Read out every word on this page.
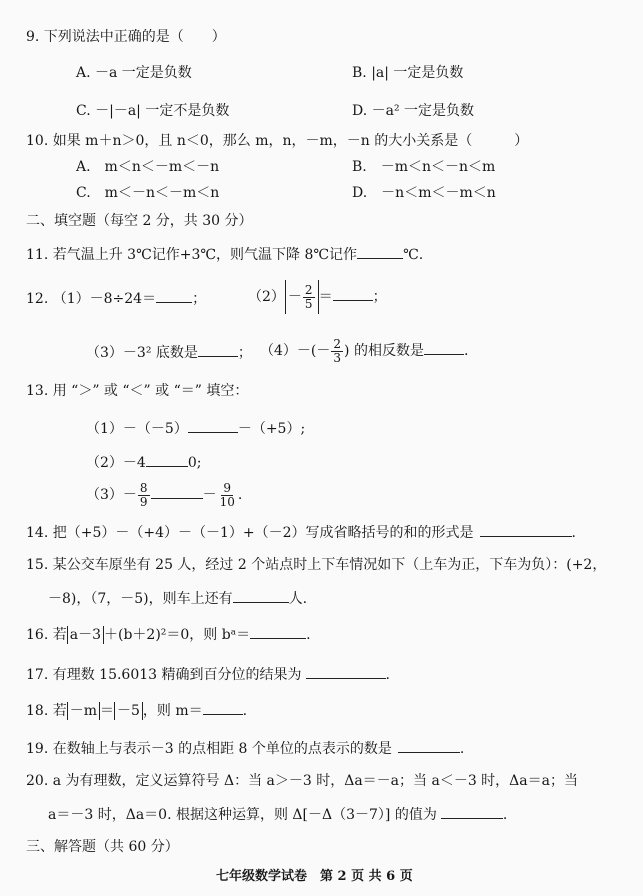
9. 下列说法中正确的是（　　）
A. －a 一定是负数	B. |a| 一定是负数
C. －|－a| 一定不是负数	D. －a² 一定是负数
10. 如果 m＋n＞0，且 n＜0，那么 m，n，－m，－n 的大小关系是（　　　）
A.　m＜n＜－m＜－n	B.　－m＜n＜－n＜m
C.　m＜－n＜－m＜n	D.　－n＜m＜－m＜n
二、填空题（每空 2 分，共 30 分）
11. 若气温上升 3℃记作+3℃，则气温下降 8℃记作	℃.
12. （1）－8÷24＝	；	$(2) - \frac{2}{5}$ ＝	；
（3）－3² 底数是	； $(4)-(- \frac{2}{3}$ ) 的相反数是	.
13. 用 “＞” 或 “＜” 或 “＝” 填空：
（1）－（－5）	－（+5）;
（2）－4	0;
$(3)- \frac{8}{9}$	－ $\frac{9}{10}$ .
14. 把（+5）－（+4）－（－1）+（－2）写成省略括号的和的形式是	.
15. 某公交车原坐有 25 人，经过 2 个站点时上下车情况如下（上车为正，下车为负）：(+2，
－8)，（7，－5)，则车上还有	人.
16. 若 a－3 ＋(b＋2)²＝0，则 bᵃ＝	.
17. 有理数 15.6013 精确到百分位的结果为	.
18. 若 －m ＝ －5 ，则 m＝	.
19. 在数轴上与表示－3 的点相距 8 个单位的点表示的数是	.
20. a 为有理数，定义运算符号 Δ：当 a＞－3 时，Δa＝－a；当 a＜－3 时，Δa＝a；当
a＝－3 时，Δa＝0. 根据这种运算，则 Δ[－Δ（3－7）] 的值为	.
三、解答题（共 60 分）
七年级数学试卷　第 2 页 共 6 页
